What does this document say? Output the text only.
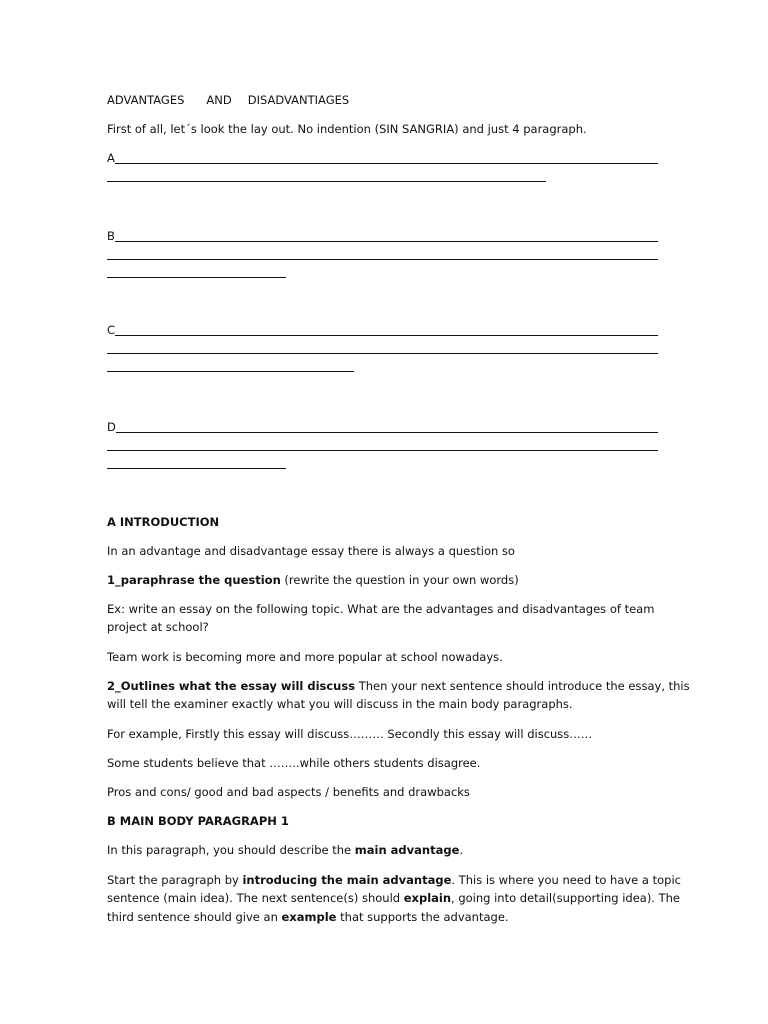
ADVANTAGES AND DISADVANTIAGES
First of all, let´s look the lay out. No indention (SIN SANGRIA) and just 4 paragraph.
A
B
C
D
A INTRODUCTION
In an advantage and disadvantage essay there is always a question so
1_paraphrase the question (rewrite the question in your own words)
Ex: write an essay on the following topic. What are the advantages and disadvantages of team
project at school?
Team work is becoming more and more popular at school nowadays.
2_Outlines what the essay will discuss Then your next sentence should introduce the essay, this
will tell the examiner exactly what you will discuss in the main body paragraphs.
For example, Firstly this essay will discuss……… Secondly this essay will discuss……
Some students believe that ……..while others students disagree.
Pros and cons/ good and bad aspects / benefits and drawbacks
B MAIN BODY PARAGRAPH 1
In this paragraph, you should describe the main advantage.
Start the paragraph by introducing the main advantage. This is where you need to have a topic
sentence (main idea). The next sentence(s) should explain, going into detail(supporting idea). The
third sentence should give an example that supports the advantage.
